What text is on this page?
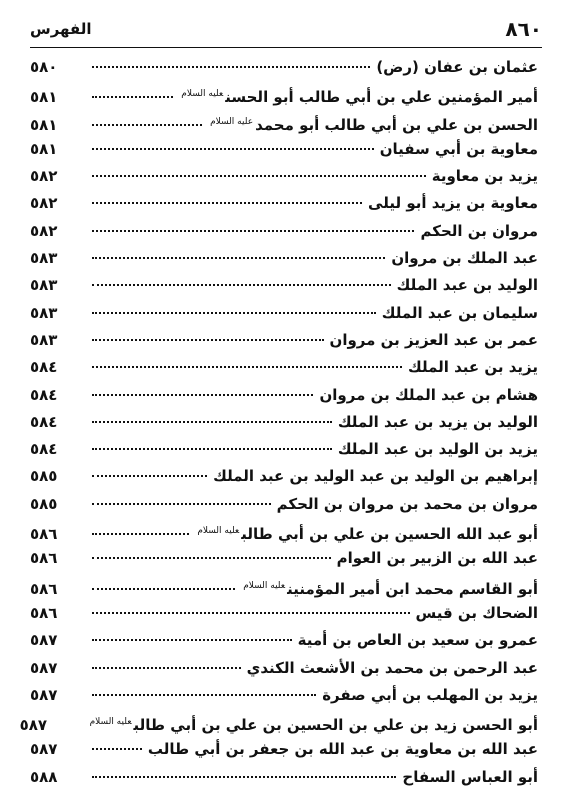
٨٦٠
الفهرس
عثمان بن عفان (رض)
٥٨٠
أمير المؤمنين علي بن أبي طالب أبو الحسن$^{عليه السلام}$
٥٨١
الحسن بن علي بن أبي طالب أبو محمد$^{عليه السلام}$
٥٨١
معاوية بن أبي سفيان
٥٨١
يزيد بن معاوية
٥٨٢
معاوية بن يزيد أبو ليلى
٥٨٢
مروان بن الحكم
٥٨٢
عبد الملك بن مروان
٥٨٣
الوليد بن عبد الملك
٥٨٣
سليمان بن عبد الملك
٥٨٣
عمر بن عبد العزيز بن مروان
٥٨٣
يزيد بن عبد الملك
٥٨٤
هشام بن عبد الملك بن مروان
٥٨٤
الوليد بن يزيد بن عبد الملك
٥٨٤
يزيد بن الوليد بن عبد الملك
٥٨٤
إبراهيم بن الوليد بن عبد الوليد بن عبد الملك
٥٨٥
مروان بن محمد بن مروان بن الحكم
٥٨٥
أبو عبد الله الحسين بن علي بن أبي طالب$^{عليه السلام}$
٥٨٦
عبد الله بن الزبير بن العوام
٥٨٦
أبو القاسم محمد ابن أمير المؤمنين$^{عليه السلام}$
٥٨٦
الضحاك بن قيس
٥٨٦
عمرو بن سعيد بن العاص بن أمية
٥٨٧
عبد الرحمن بن محمد بن الأشعث الكندي
٥٨٧
يزيد بن المهلب بن أبي صفرة
٥٨٧
أبو الحسن زيد بن علي بن الحسين بن علي بن أبي طالب$^{عليه السلام}$
٥٨٧
عبد الله بن معاوية بن عبد الله بن جعفر بن أبي طالب
٥٨٧
أبو العباس السفاح
٥٨٨
